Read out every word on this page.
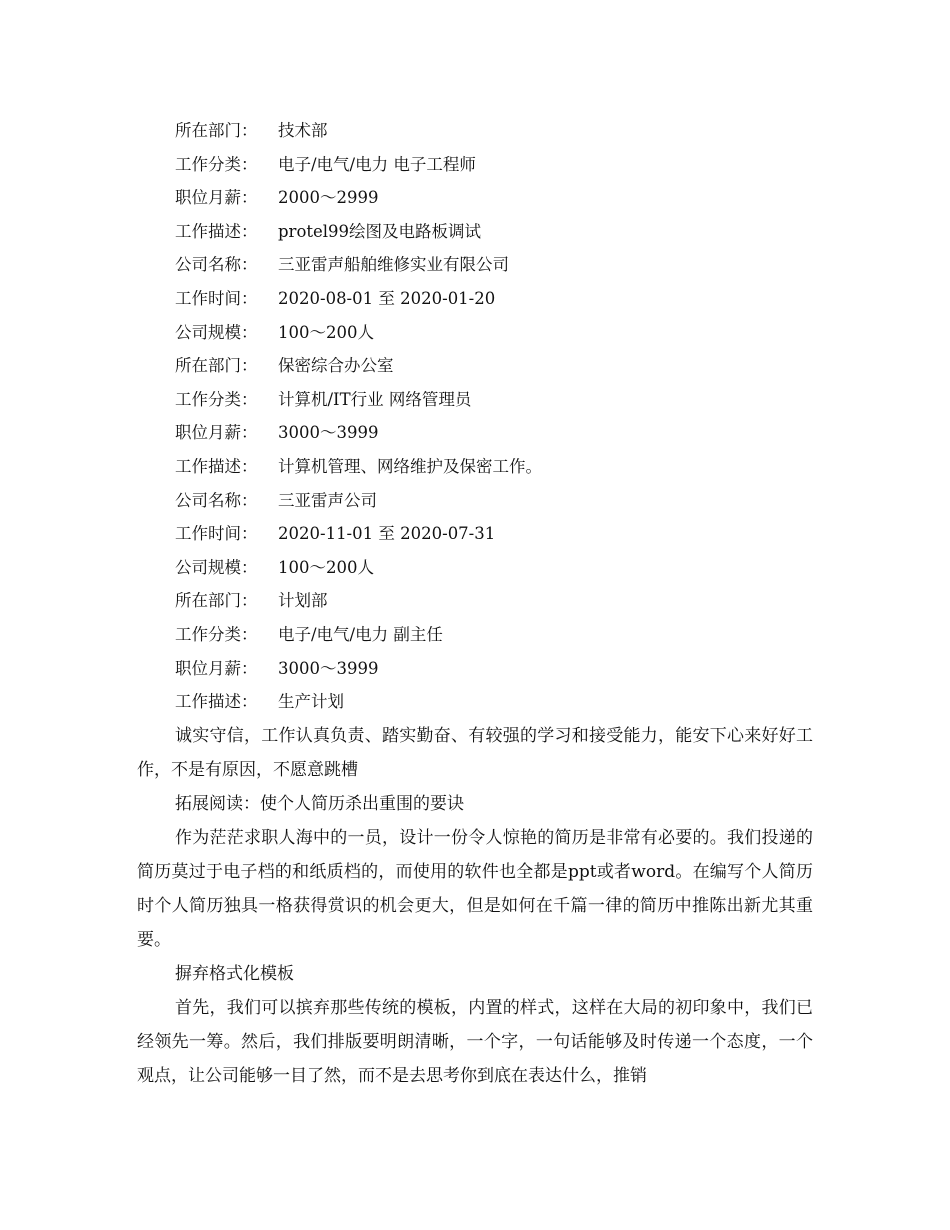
所在部门： 技术部
工作分类： 电子/电气/电力 电子工程师
职位月薪： 2000～2999
工作描述： protel99绘图及电路板调试
公司名称： 三亚雷声船舶维修实业有限公司
工作时间： 2020-08-01 至 2020-01-20
公司规模： 100～200人
所在部门： 保密综合办公室
工作分类： 计算机/IT行业 网络管理员
职位月薪： 3000～3999
工作描述： 计算机管理、网络维护及保密工作。
公司名称： 三亚雷声公司
工作时间： 2020-11-01 至 2020-07-31
公司规模： 100～200人
所在部门： 计划部
工作分类： 电子/电气/电力 副主任
职位月薪： 3000～3999
工作描述： 生产计划

诚实守信，工作认真负责、踏实勤奋、有较强的学习和接受能力，能安下心来好好工作，不是有原因，不愿意跳槽

拓展阅读：使个人简历杀出重围的要诀

作为茫茫求职人海中的一员，设计一份令人惊艳的简历是非常有必要的。我们投递的简历莫过于电子档的和纸质档的，而使用的软件也全都是ppt或者word。在编写个人简历时个人简历独具一格获得赏识的机会更大，但是如何在千篇一律的简历中推陈出新尤其重要。

摒弃格式化模板

首先，我们可以摈弃那些传统的模板，内置的样式，这样在大局的初印象中，我们已经领先一筹。然后，我们排版要明朗清晰，一个字，一句话能够及时传递一个态度，一个观点，让公司能够一目了然，而不是去思考你到底在表达什么，推销
